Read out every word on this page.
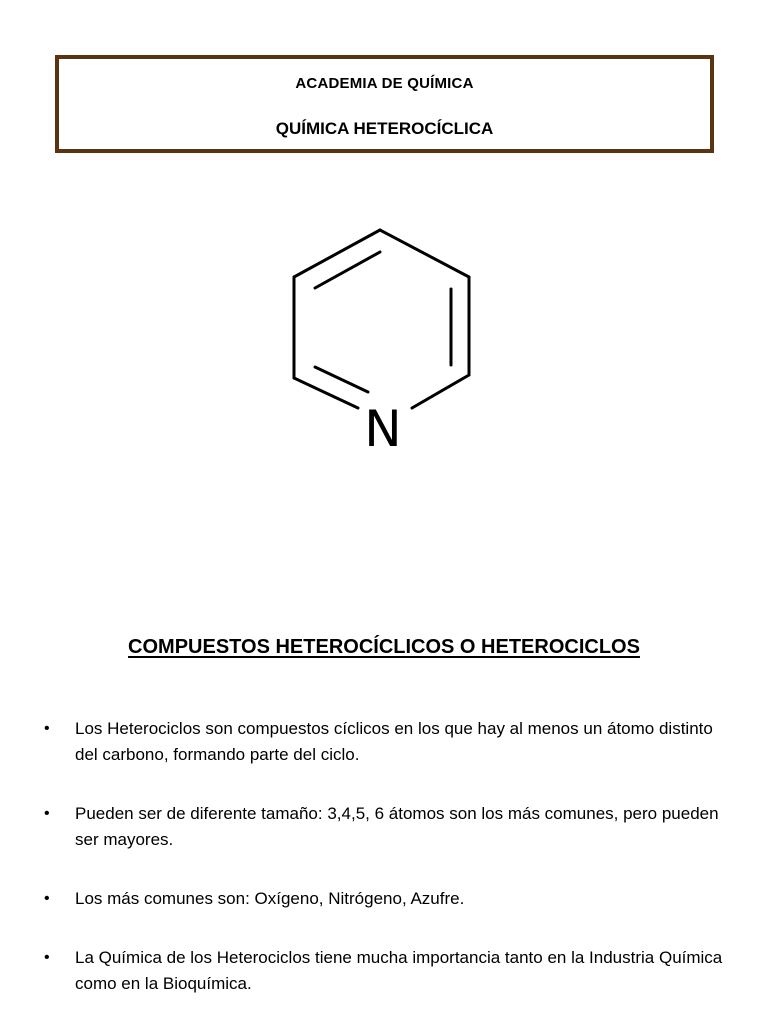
ACADEMIA DE QUÍMICA
QUÍMICA HETEROCÍCLICA
N
COMPUESTOS HETEROCÍCLICOS O HETEROCICLOS
• Los Heterociclos son compuestos cíclicos en los que hay al menos un átomo distinto del carbono, formando parte del ciclo.
• Pueden ser de diferente tamaño: 3,4,5, 6 átomos son los más comunes, pero pueden ser mayores.
• Los más comunes son: Oxígeno, Nitrógeno, Azufre.
• La Química de los Heterociclos tiene mucha importancia tanto en la Industria Química como en la Bioquímica.
